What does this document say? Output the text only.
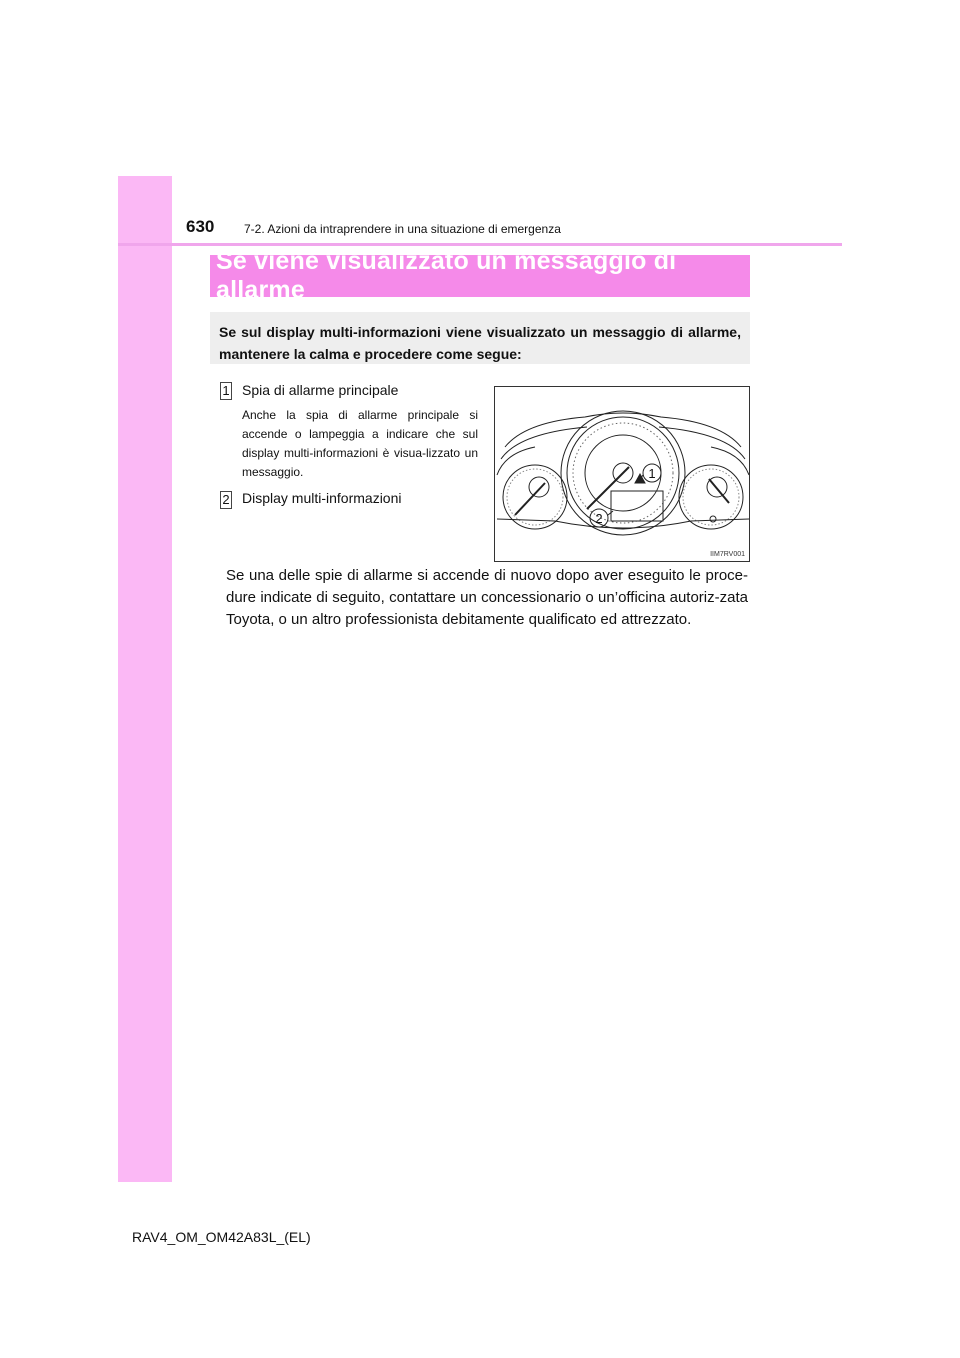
630 7-2. Azioni da intraprendere in una situazione di emergenza
Se viene visualizzato un messaggio di allarme
Se sul display multi-informazioni viene visualizzato un messaggio di allarme, mantenere la calma e procedere come segue:
1 Spia di allarme principale
Anche la spia di allarme principale si accende o lampeggia a indicare che sul display multi-informazioni è visua-lizzato un messaggio.
2 Display multi-informazioni
1
2
IIM7RV001
Se una delle spie di allarme si accende di nuovo dopo aver eseguito le proce-dure indicate di seguito, contattare un concessionario o un’officina autoriz-zata Toyota, o un altro professionista debitamente qualificato ed attrezzato.
RAV4_OM_OM42A83L_(EL)
